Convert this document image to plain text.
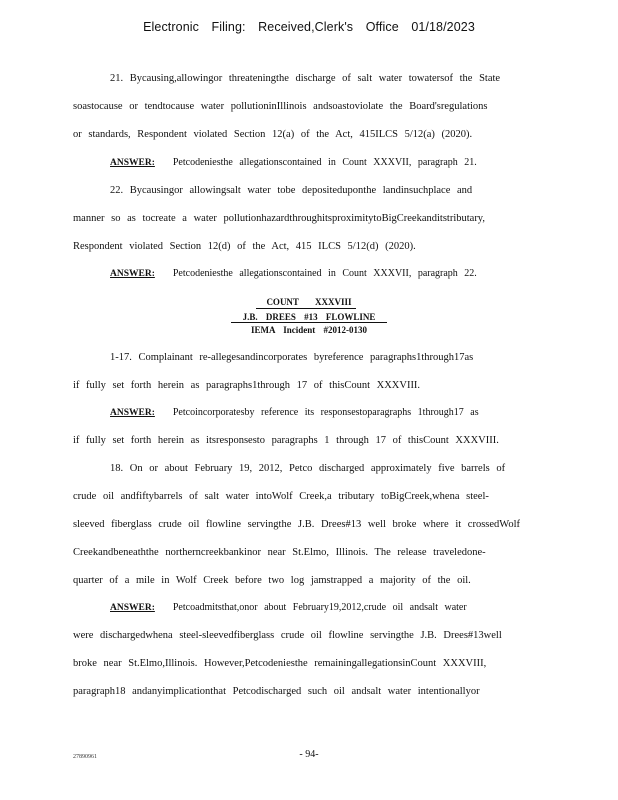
Electronic Filing: Received,Clerk's Office 01/18/2023
21. Bycausing,allowingor threateningthe discharge of salt water towatersof the State
soastocause or tendtocause water pollutioninIllinois andsoastoviolate the Board'sregulations
or standards, Respondent violated Section 12(a) of the Act, 415ILCS 5/12(a) (2020).
ANSWER: Petcodeniesthe allegationscontained in Count XXXVII, paragraph 21.
22. Bycausingor allowingsalt water tobe depositeduponthe landinsuchplace and
manner so as tocreate a water pollutionhazardthroughitsproximitytoBigCreekanditstributary,
Respondent violated Section 12(d) of the Act, 415 ILCS 5/12(d) (2020).
ANSWER: Petcodeniesthe allegationscontained in Count XXXVII, paragraph 22.
COUNT XXXVIII
J.B. DREES #13 FLOWLINE
IEMA Incident #2012-0130
1-17. Complainant re-allegesandincorporates byreference paragraphs1through17as
if fully set forth herein as paragraphs1through 17 of thisCount XXXVIII.
ANSWER: Petcoincorporatesby reference its responsestoparagraphs 1through17 as
if fully set forth herein as itsresponsesto paragraphs 1 through 17 of thisCount XXXVIII.
18. On or about February 19, 2012, Petco discharged approximately five barrels of
crude oil andfiftybarrels of salt water intoWolf Creek,a tributary toBigCreek,whena steel-
sleeved fiberglass crude oil flowline servingthe J.B. Drees#13 well broke where it crossedWolf
Creekandbeneaththe northerncreekbankinor near St.Elmo, Illinois. The release traveledone-
quarter of a mile in Wolf Creek before two log jamstrapped a majority of the oil.
ANSWER: Petcoadmitsthat,onor about February19,2012,crude oil andsalt water
were dischargedwhena steel-sleevedfiberglass crude oil flowline servingthe J.B. Drees#13well
broke near St.Elmo,Illinois. However,Petcodeniesthe remainingallegationsinCount XXXVIII,
paragraph18 andanyimplicationthat Petcodischarged such oil andsalt water intentionallyor
27890961	- 94-
